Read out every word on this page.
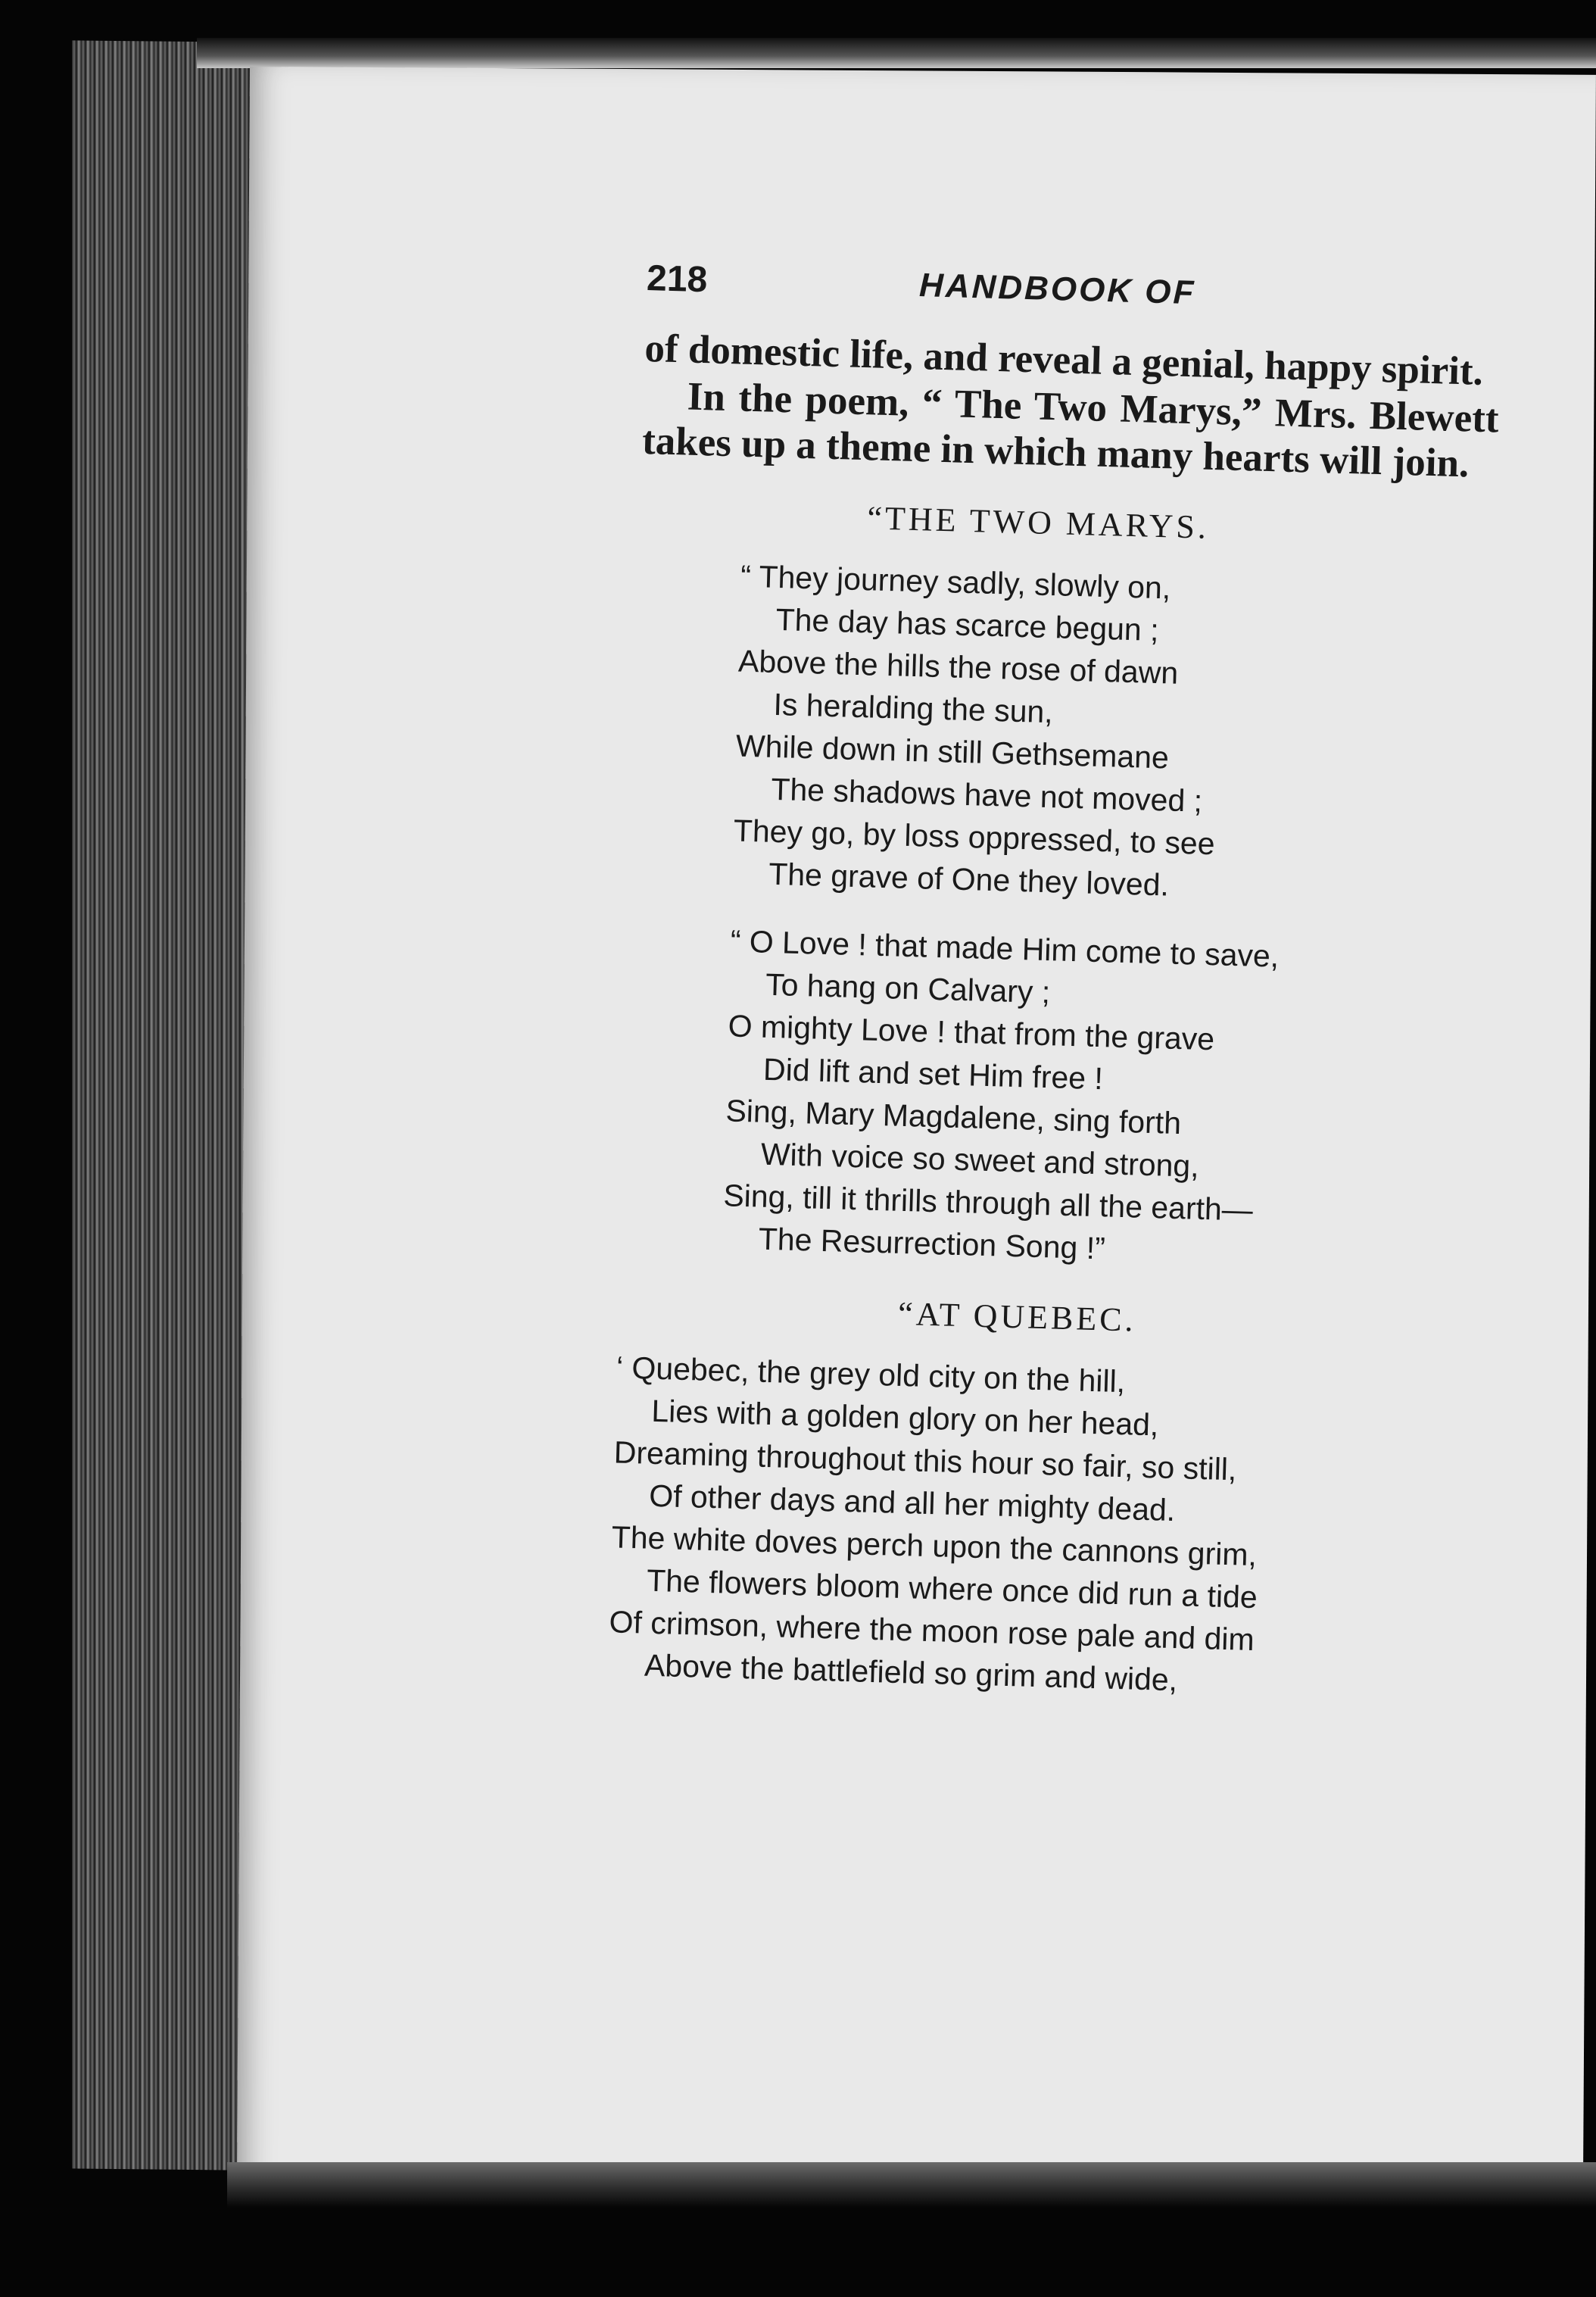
218	HANDBOOK OF

of domestic life, and reveal a genial, happy spirit.

In the poem, “ The Two Marys,” Mrs. Blewett takes up a theme in which many hearts will join.

“THE TWO MARYS.
“ They journey sadly, slowly on,
The day has scarce begun ;
Above the hills the rose of dawn
Is heralding the sun,
While down in still Gethsemane
The shadows have not moved ;
They go, by loss oppressed, to see
The grave of One they loved.
“ O Love ! that made Him come to save,
To hang on Calvary ;
O mighty Love ! that from the grave
Did lift and set Him free !
Sing, Mary Magdalene, sing forth
With voice so sweet and strong,
Sing, till it thrills through all the earth—
The Resurrection Song !”
“AT QUEBEC.
‘ Quebec, the grey old city on the hill,
Lies with a golden glory on her head,
Dreaming throughout this hour so fair, so still,
Of other days and all her mighty dead.
The white doves perch upon the cannons grim,
The flowers bloom where once did run a tide
Of crimson, where the moon rose pale and dim
Above the battlefield so grim and wide,
